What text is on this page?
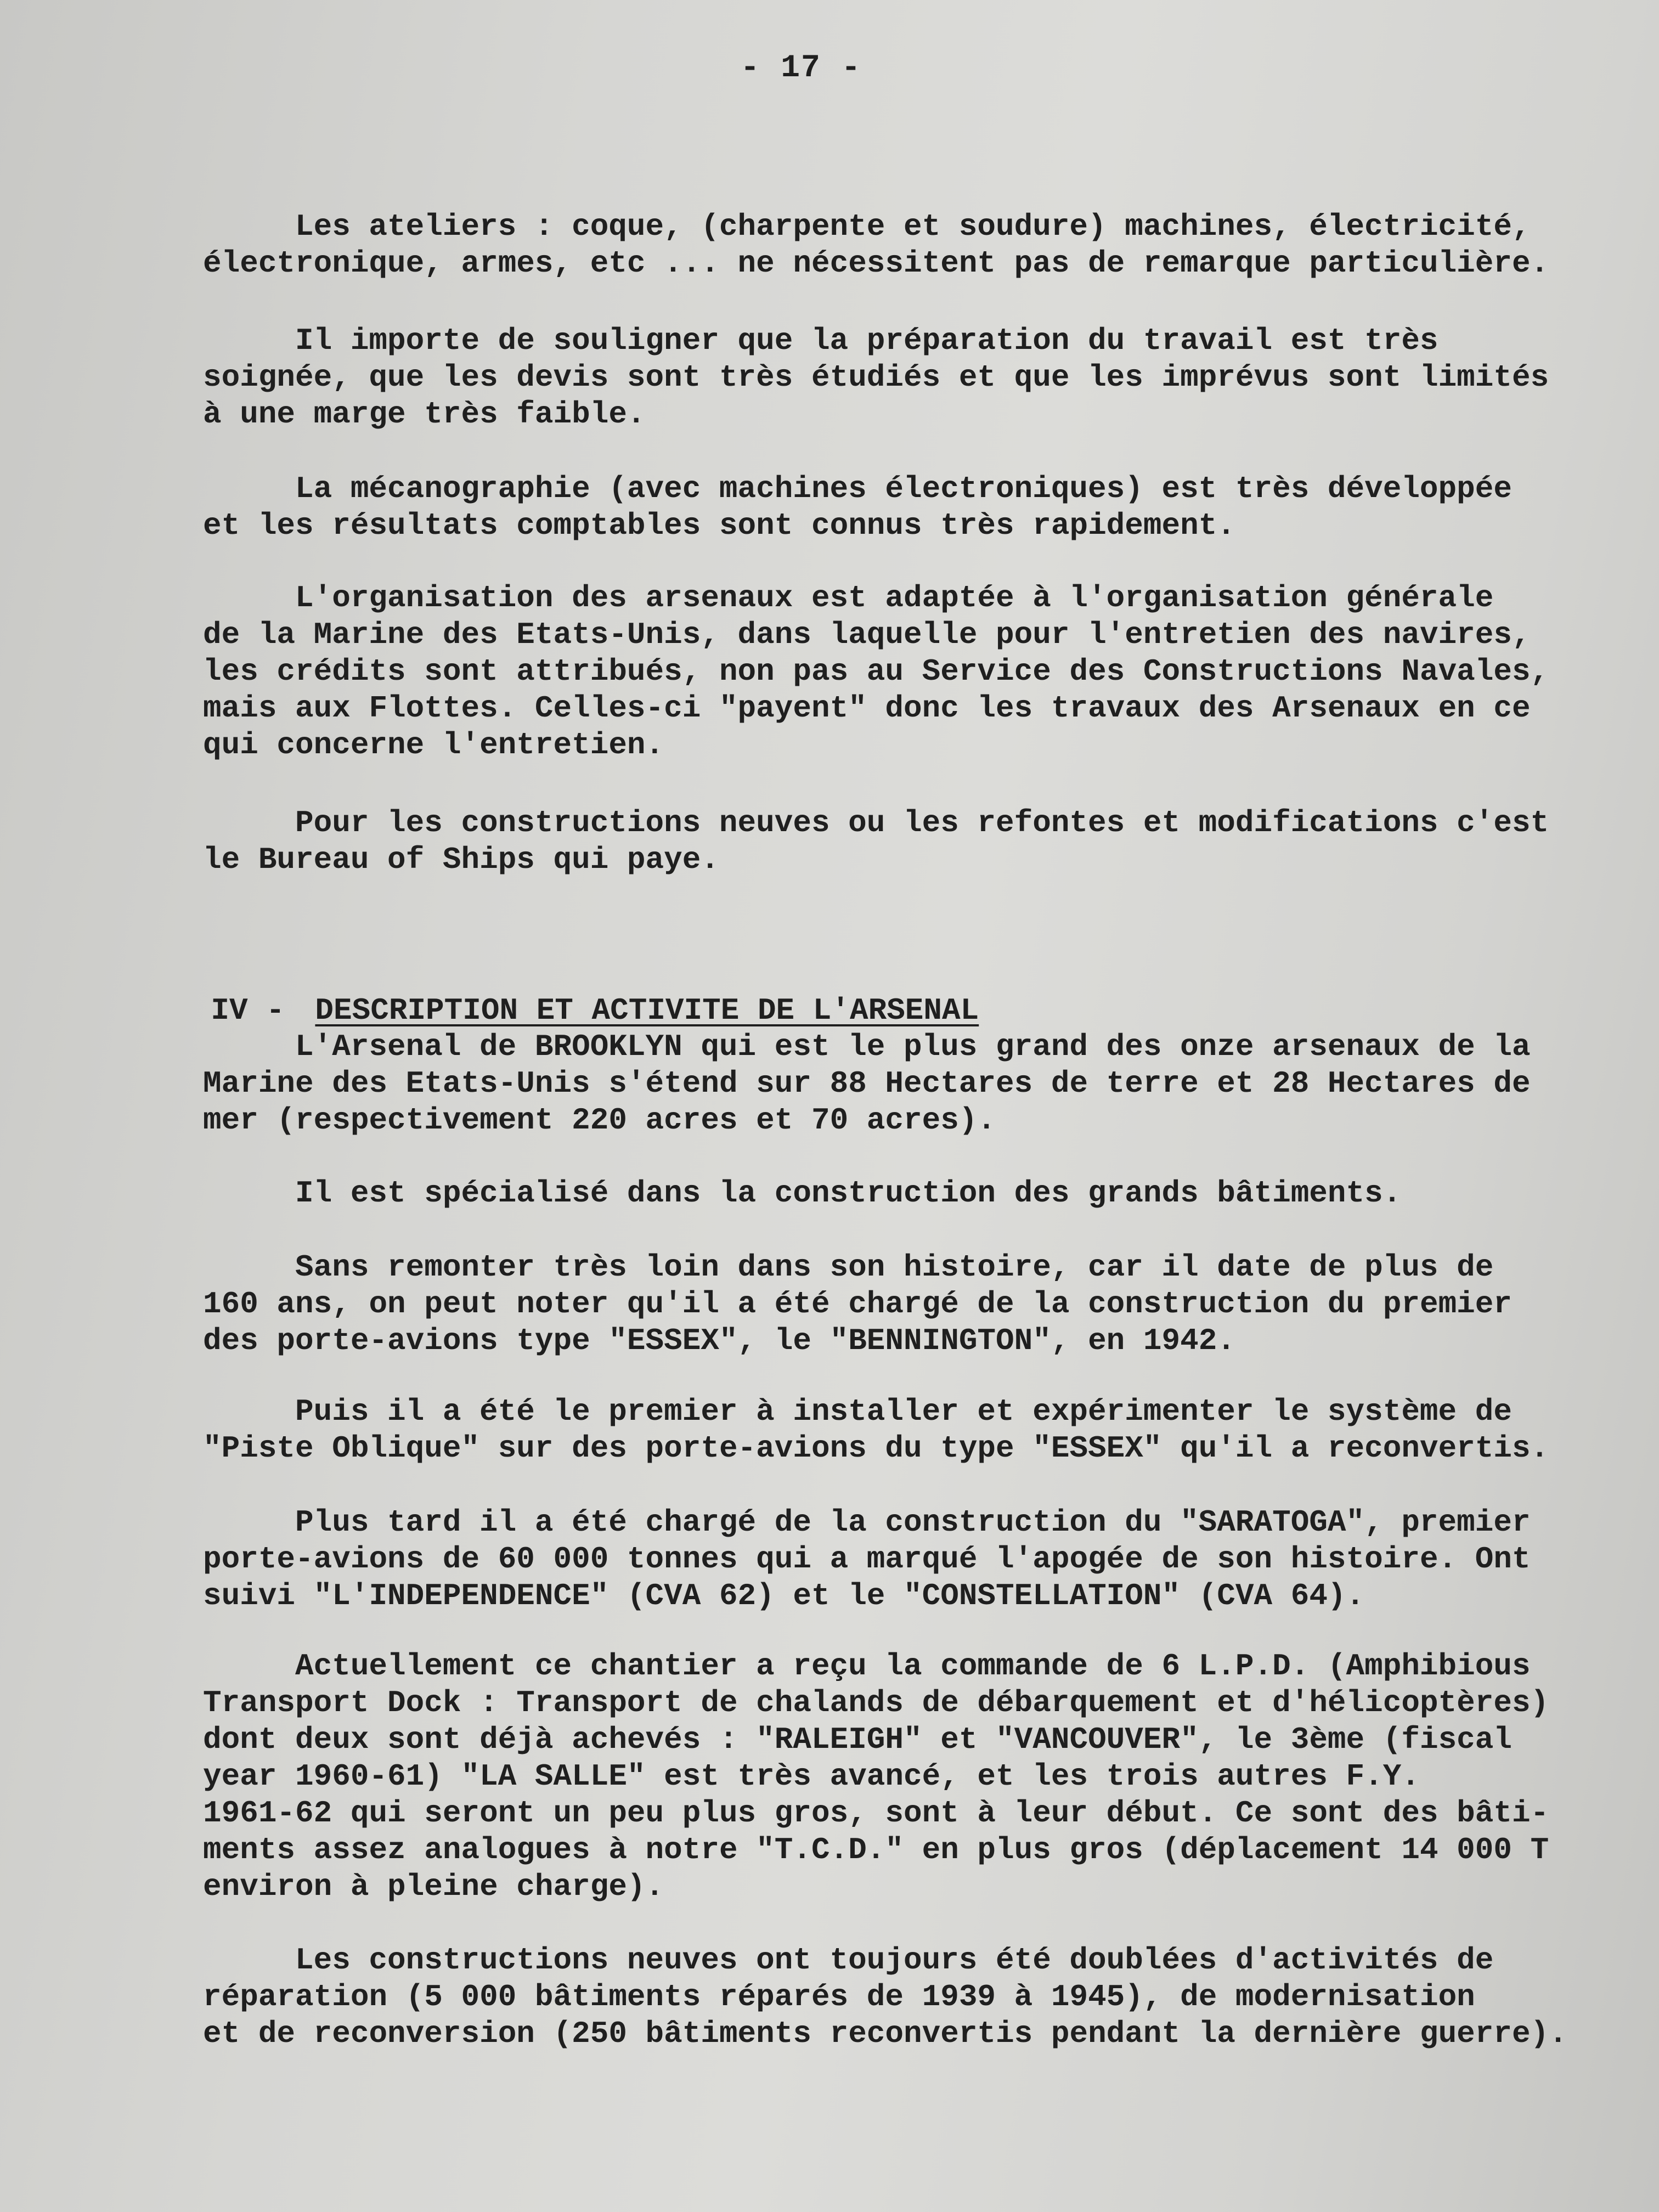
- 17 -
Les ateliers : coque, (charpente et soudure) machines, électricité,
électronique, armes, etc ... ne nécessitent pas de remarque particulière.
Il importe de souligner que la préparation du travail est très
soignée, que les devis sont très étudiés et que les imprévus sont limités
à une marge très faible.
La mécanographie (avec machines électroniques) est très développée
et les résultats comptables sont connus très rapidement.
L'organisation des arsenaux est adaptée à l'organisation générale
de la Marine des Etats-Unis, dans laquelle pour l'entretien des navires,
les crédits sont attribués, non pas au Service des Constructions Navales,
mais aux Flottes. Celles-ci "payent" donc les travaux des Arsenaux en ce
qui concerne l'entretien.
Pour les constructions neuves ou les refontes et modifications c'est
le Bureau of Ships qui paye.

IV - DESCRIPTION ET ACTIVITE DE L'ARSENAL

L'Arsenal de BROOKLYN qui est le plus grand des onze arsenaux de la
Marine des Etats-Unis s'étend sur 88 Hectares de terre et 28 Hectares de
mer (respectivement 220 acres et 70 acres).
Il est spécialisé dans la construction des grands bâtiments.
Sans remonter très loin dans son histoire, car il date de plus de
160 ans, on peut noter qu'il a été chargé de la construction du premier
des porte-avions type "ESSEX", le "BENNINGTON", en 1942.
Puis il a été le premier à installer et expérimenter le système de
"Piste Oblique" sur des porte-avions du type "ESSEX" qu'il a reconvertis.
Plus tard il a été chargé de la construction du "SARATOGA", premier
porte-avions de 60 000 tonnes qui a marqué l'apogée de son histoire. Ont
suivi "L'INDEPENDENCE" (CVA 62) et le "CONSTELLATION" (CVA 64).
Actuellement ce chantier a reçu la commande de 6 L.P.D. (Amphibious
Transport Dock : Transport de chalands de débarquement et d'hélicoptères)
dont deux sont déjà achevés : "RALEIGH" et "VANCOUVER", le 3ème (fiscal
year 1960-61) "LA SALLE" est très avancé, et les trois autres F.Y.
1961-62 qui seront un peu plus gros, sont à leur début. Ce sont des bâti-
ments assez analogues à notre "T.C.D." en plus gros (déplacement 14 000 T
environ à pleine charge).
Les constructions neuves ont toujours été doublées d'activités de
réparation (5 000 bâtiments réparés de 1939 à 1945), de modernisation
et de reconversion (250 bâtiments reconvertis pendant la dernière guerre).
